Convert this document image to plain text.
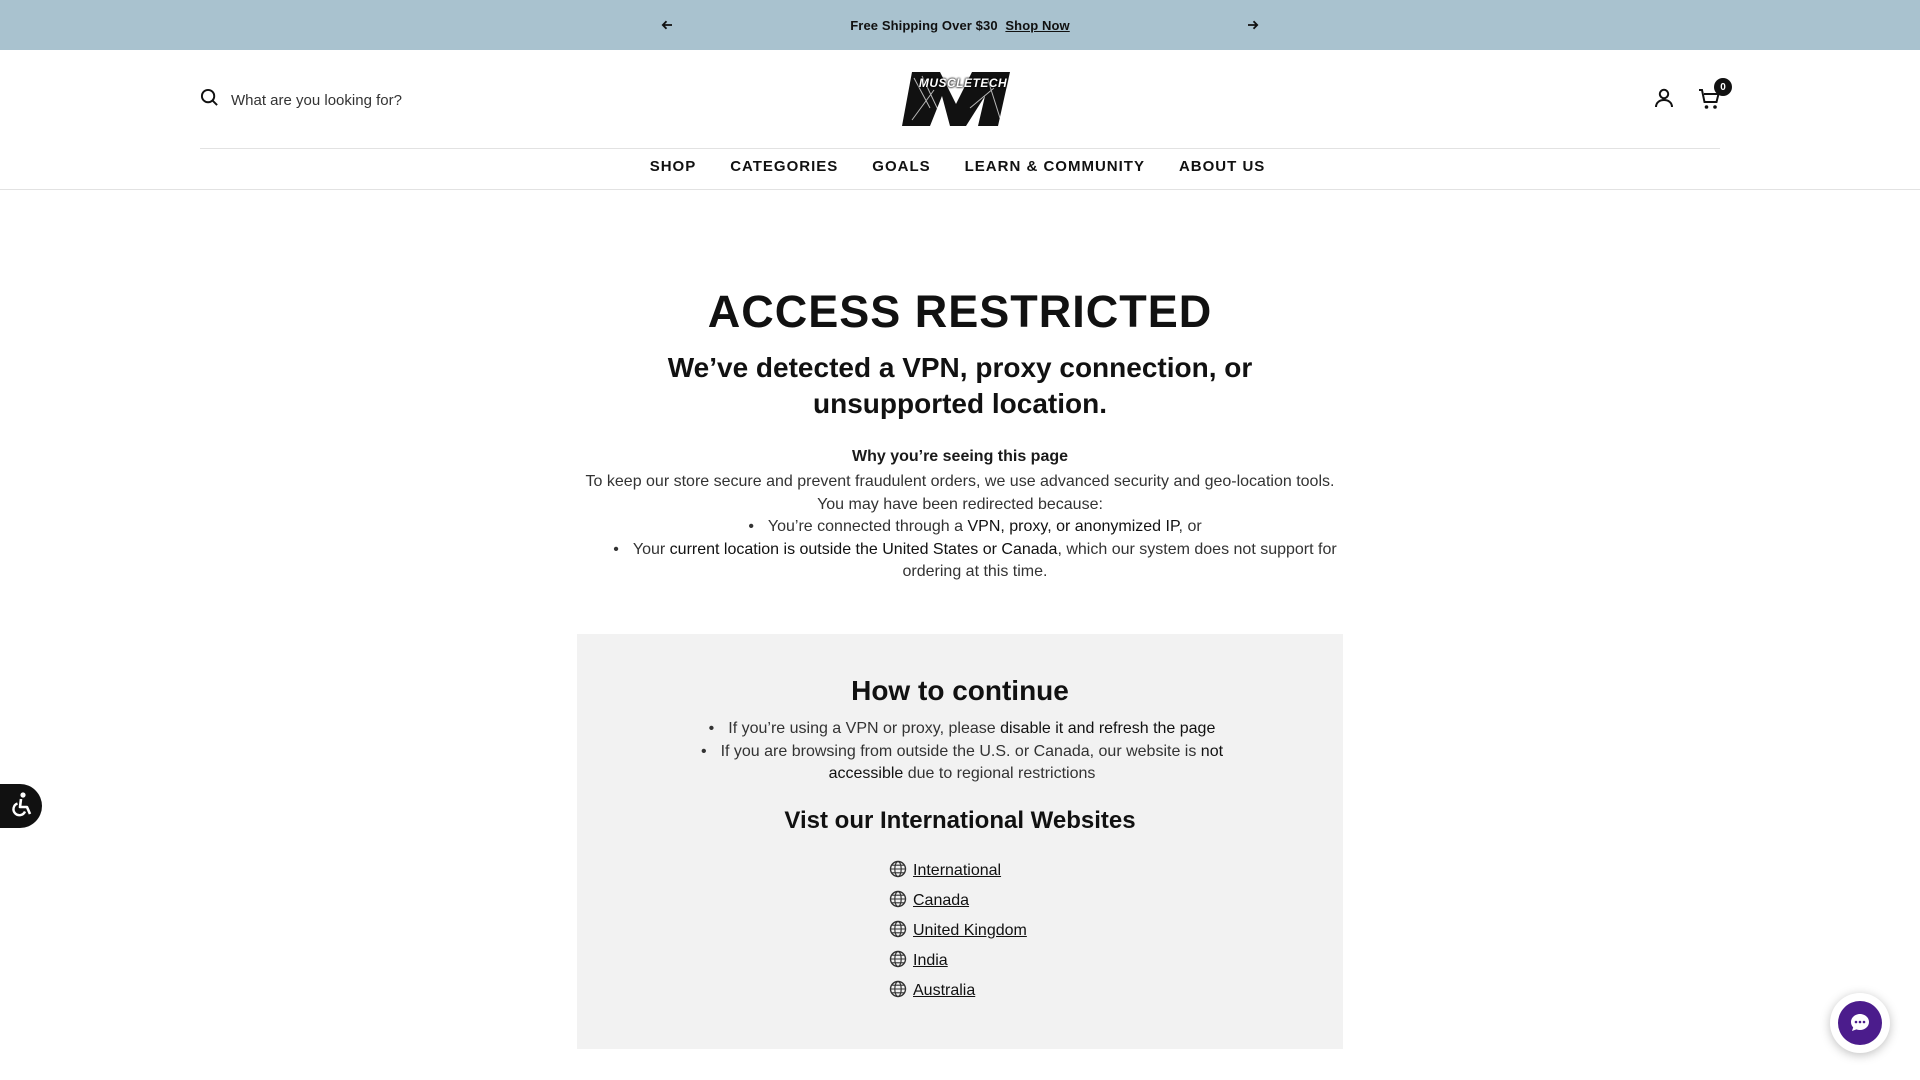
Free Shipping Over $30 Shop Now
What are you looking for?
MUSCLETECH	0
SHOP CATEGORIES GOALS LEARN & COMMUNITY ABOUT US
ACCESS RESTRICTED
We’ve detected a VPN, proxy connection, or unsupported location.
Why you’re seeing this page

To keep our store secure and prevent fraudulent orders, we use advanced security and geo-location tools. You may have been redirected because:

• You’re connected through a VPN, proxy, or anonymized IP, or
• Your current location is outside the United States or Canada, which our system does not support for ordering at this time.
How to continue
• If you’re using a VPN or proxy, please disable it and refresh the page
• If you are browsing from outside the U.S. or Canada, our website is not accessible due to regional restrictions
Vist our International Websites
International
Canada
United Kingdom
India
Australia
